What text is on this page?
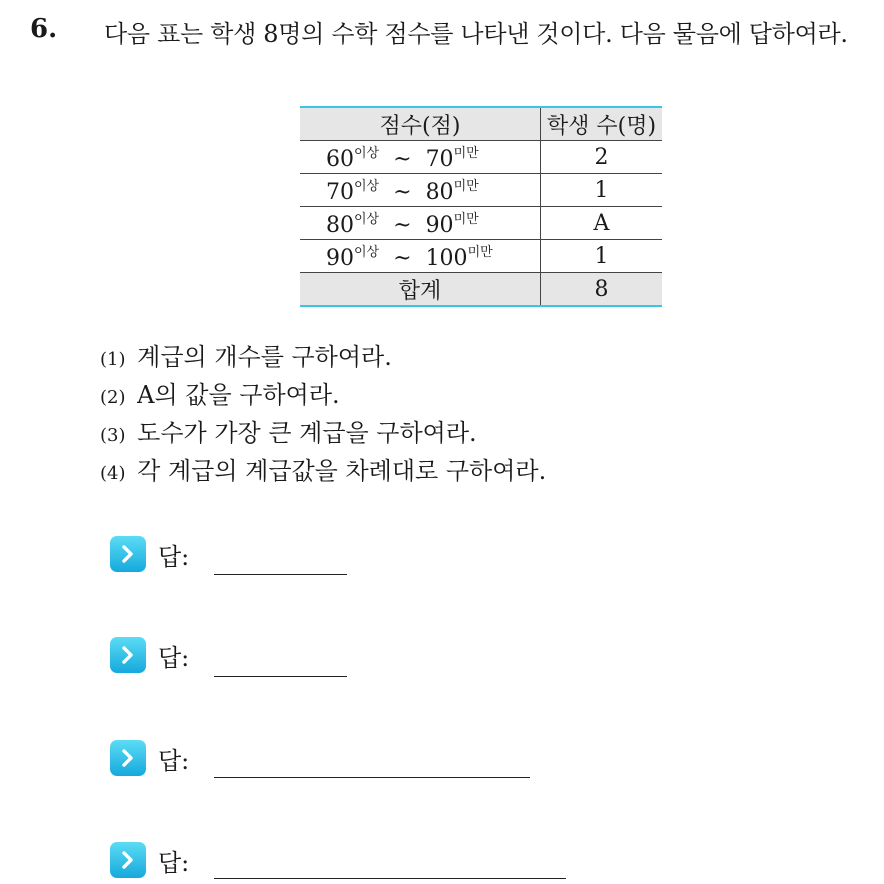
6. 다음 표는 학생 8명의 수학 점수를 나타낸 것이다. 다음 물음에 답하여라.
점수(점)	학생 수(명)
$60^{이상}$ ~ $70^{미만}$	2
$70^{이상}$ ~ $80^{미만}$	1
$80^{이상}$ ~ $90^{미만}$	A
$90^{이상}$ ~ $100^{미만}$	1
합계	8
(1) 계급의 개수를 구하여라.
(2) A의 값을 구하여라.
(3) 도수가 가장 큰 계급을 구하여라.
(4) 각 계급의 계급값을 차례대로 구하여라.
답:
답:
답:
답:
